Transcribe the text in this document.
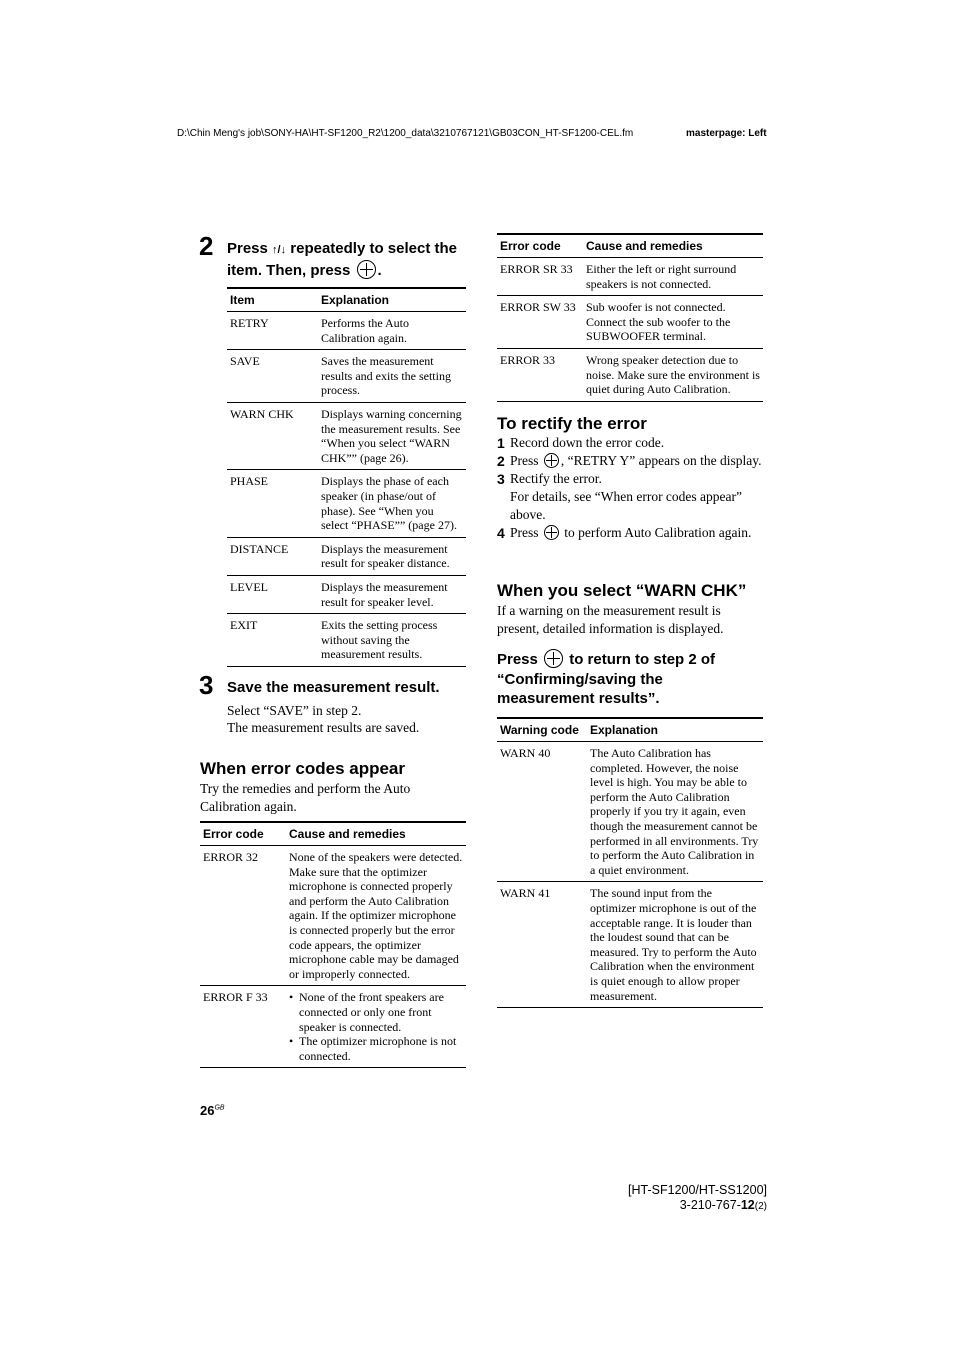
D:\Chin Meng's job\SONY-HA\HT-SF1200_R2\1200_data\3210767121\GB03CON_HT-SF1200-CEL.fm	masterpage: Left
2 Press ↑/↓ repeatedly to select the item. Then, press .
Item	Explanation
RETRY	Performs the Auto Calibration again.
SAVE	Saves the measurement results and exits the setting process.
WARN CHK	Displays warning concerning the measurement results. See “When you select “WARN CHK”” (page 26).
PHASE	Displays the phase of each speaker (in phase/out of phase). See “When you select “PHASE”” (page 27).
DISTANCE	Displays the measurement result for speaker distance.
LEVEL	Displays the measurement result for speaker level.
EXIT	Exits the setting process without saving the measurement results.
3 Save the measurement result.
Select “SAVE” in step 2.
The measurement results are saved.
When error codes appear
Try the remedies and perform the Auto Calibration again.
Error code	Cause and remedies
ERROR 32	None of the speakers were detected. Make sure that the optimizer microphone is connected properly and perform the Auto Calibration again. If the optimizer microphone is connected properly but the error code appears, the optimizer microphone cable may be damaged or improperly connected.
ERROR F 33	• None of the front speakers are connected or only one front speaker is connected.
• The optimizer microphone is not connected.
Error code	Cause and remedies
ERROR SR 33	Either the left or right surround speakers is not connected.
ERROR SW 33	Sub woofer is not connected. Connect the sub woofer to the SUBWOOFER terminal.
ERROR 33	Wrong speaker detection due to noise. Make sure the environment is quiet during Auto Calibration.
To rectify the error
1 Record down the error code.
2 Press , “RETRY Y” appears on the display.
3 Rectify the error.
For details, see “When error codes appear” above.
4 Press  to perform Auto Calibration again.
When you select “WARN CHK”
If a warning on the measurement result is present, detailed information is displayed.
Press  to return to step 2 of “Confirming/saving the measurement results”.
Warning code	Explanation
WARN 40	The Auto Calibration has completed. However, the noise level is high. You may be able to perform the Auto Calibration properly if you try it again, even though the measurement cannot be performed in all environments. Try to perform the Auto Calibration in a quiet environment.
WARN 41	The sound input from the optimizer microphone is out of the acceptable range. It is louder than the loudest sound that can be measured. Try to perform the Auto Calibration when the environment is quiet enough to allow proper measurement.
$26^{GB}$
[HT-SF1200/HT-SS1200]
3-210-767-12(2)
